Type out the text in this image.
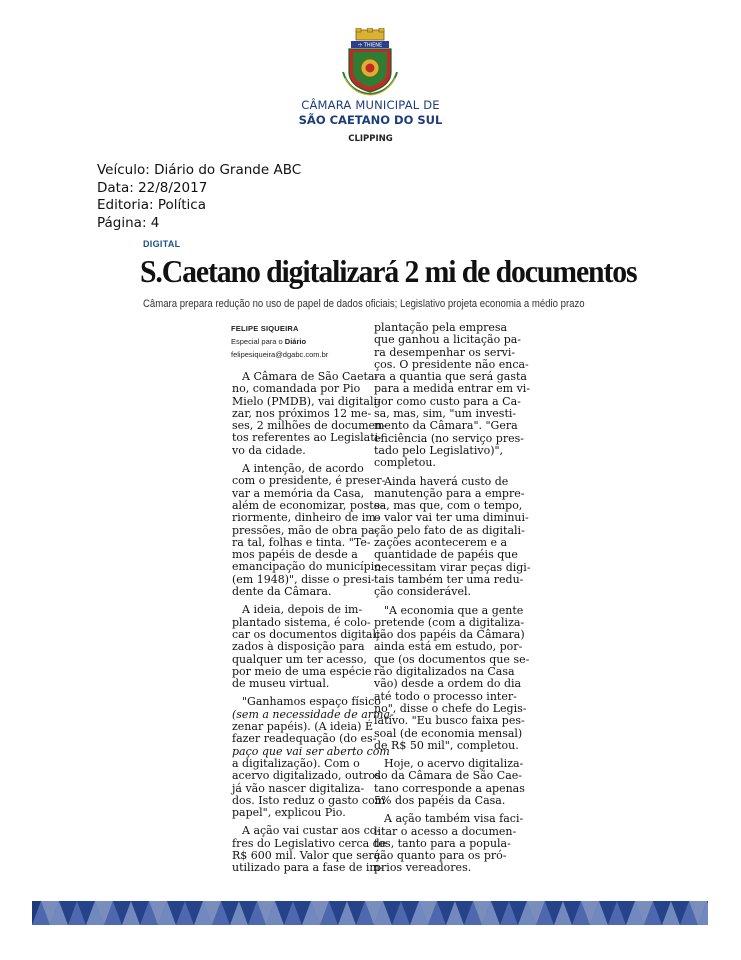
☩ THIENE
CÂMARA MUNICIPAL DE
SÃO CAETANO DO SUL
CLIPPING
Veículo: Diário do Grande ABC
Data: 22/8/2017
Editoria: Política
Página: 4
DIGITAL
S.Caetano digitalizará 2 mi de documentos
Câmara prepara redução no uso de papel de dados oficiais; Legislativo projeta economia a médio prazo
FELIPE SIQUEIRA
Especial para o Diário
felipesiqueira@dgabc.com.br
A Câmara de São Caeta-
no, comandada por Pio
Mielo (PMDB), vai digitali-
zar, nos próximos 12 me-
ses, 2 milhões de documen-
tos referentes ao Legislati-
vo da cidade.
A intenção, de acordo
com o presidente, é preser-
var a memória da Casa,
além de economizar, poste-
riormente, dinheiro de im-
pressões, mão de obra pa-
ra tal, folhas e tinta. "Te-
mos papéis de desde a
emancipação do município
(em 1948)", disse o presi-
dente da Câmara.
A ideia, depois de im-
plantado sistema, é colo-
car os documentos digitali-
zados à disposição para
qualquer um ter acesso,
por meio de uma espécie
de museu virtual.
"Ganhamos espaço físico
(sem a necessidade de arma-
zenar papéis). (A ideia) É
fazer readequação (do es-
paço que vai ser aberto com
a digitalização). Com o
acervo digitalizado, outros
já vão nascer digitaliza-
dos. Isto reduz o gasto com
papel", explicou Pio.
A ação vai custar aos co-
fres do Legislativo cerca de
R$ 600 mil. Valor que será
utilizado para a fase de im-
plantação pela empresa
que ganhou a licitação pa-
ra desempenhar os servi-
ços. O presidente não enca-
ra a quantia que será gasta
para a medida entrar em vi-
gor como custo para a Ca-
sa, mas, sim, "um investi-
mento da Câmara". "Gera
eficiência (no serviço pres-
tado pelo Legislativo)",
completou.
Ainda haverá custo de
manutenção para a empre-
sa, mas que, com o tempo,
o valor vai ter uma diminui-
ção pelo fato de as digitali-
zações acontecerem e a
quantidade de papéis que
necessitam virar peças digi-
tais também ter uma redu-
ção considerável.
"A economia que a gente
pretende (com a digitaliza-
ção dos papéis da Câmara)
ainda está em estudo, por-
que (os documentos que se-
rão digitalizados na Casa
vão) desde a ordem do dia
até todo o processo inter-
no", disse o chefe do Legis-
lativo. "Eu busco faixa pes-
soal (de economia mensal)
de R$ 50 mil", completou.
Hoje, o acervo digitaliza-
do da Câmara de São Cae-
tano corresponde a apenas
5% dos papéis da Casa.
A ação também visa faci-
litar o acesso a documen-
tos, tanto para a popula-
ção quanto para os pró-
prios vereadores.
